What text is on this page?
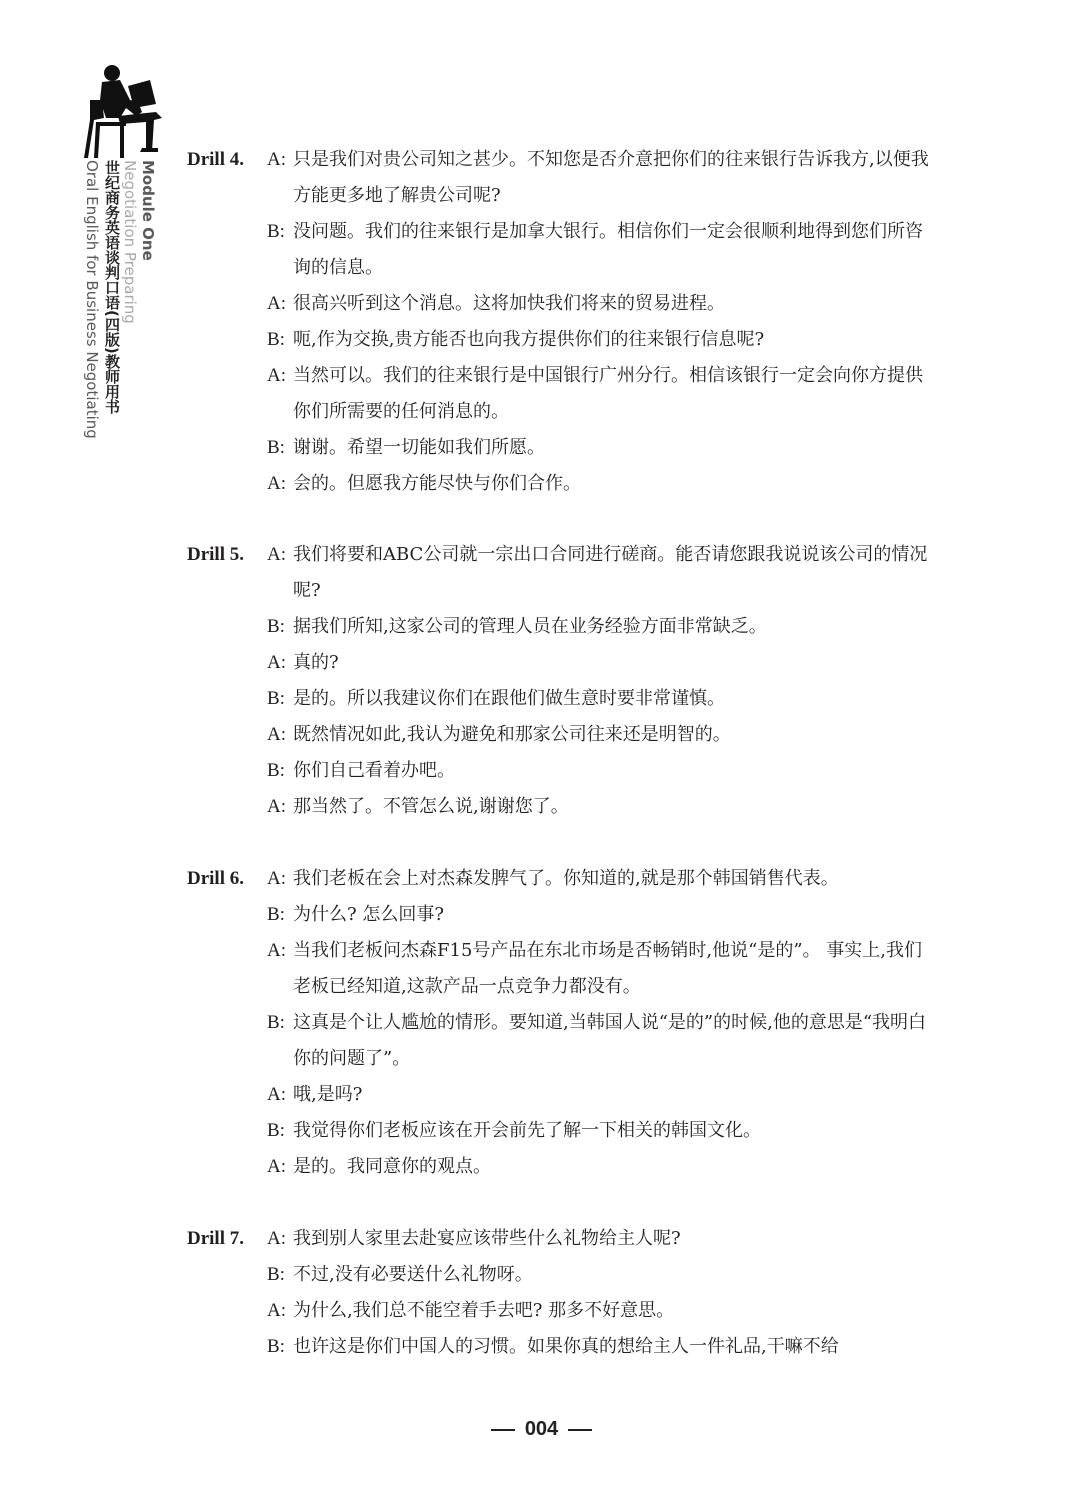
Module One
Negotiation Preparing
世纪商务英语谈判口语(四版)教师用书
Oral English for Business Negotiating
Drill 4. A: 只是我们对贵公司知之甚少。不知您是否介意把你们的往来银行告诉我方,以便我方能更多地了解贵公司呢?
B: 没问题。我们的往来银行是加拿大银行。相信你们一定会很顺利地得到您们所咨询的信息。
A: 很高兴听到这个消息。这将加快我们将来的贸易进程。
B: 呃,作为交换,贵方能否也向我方提供你们的往来银行信息呢?
A: 当然可以。我们的往来银行是中国银行广州分行。相信该银行一定会向你方提供你们所需要的任何消息的。
B: 谢谢。希望一切能如我们所愿。
A: 会的。但愿我方能尽快与你们合作。
Drill 5. A: 我们将要和ABC公司就一宗出口合同进行磋商。能否请您跟我说说该公司的情况呢?
B: 据我们所知,这家公司的管理人员在业务经验方面非常缺乏。
A: 真的?
B: 是的。所以我建议你们在跟他们做生意时要非常谨慎。
A: 既然情况如此,我认为避免和那家公司往来还是明智的。
B: 你们自己看着办吧。
A: 那当然了。不管怎么说,谢谢您了。
Drill 6. A: 我们老板在会上对杰森发脾气了。你知道的,就是那个韩国销售代表。
B: 为什么? 怎么回事?
A: 当我们老板问杰森F15号产品在东北市场是否畅销时,他说“是的”。 事实上,我们老板已经知道,这款产品一点竞争力都没有。
B: 这真是个让人尴尬的情形。要知道,当韩国人说“是的”的时候,他的意思是“我明白你的问题了”。
A: 哦,是吗?
B: 我觉得你们老板应该在开会前先了解一下相关的韩国文化。
A: 是的。我同意你的观点。
Drill 7. A: 我到别人家里去赴宴应该带些什么礼物给主人呢?
B: 不过,没有必要送什么礼物呀。
A: 为什么,我们总不能空着手去吧? 那多不好意思。
B: 也许这是你们中国人的习惯。如果你真的想给主人一件礼品,干嘛不给
004
